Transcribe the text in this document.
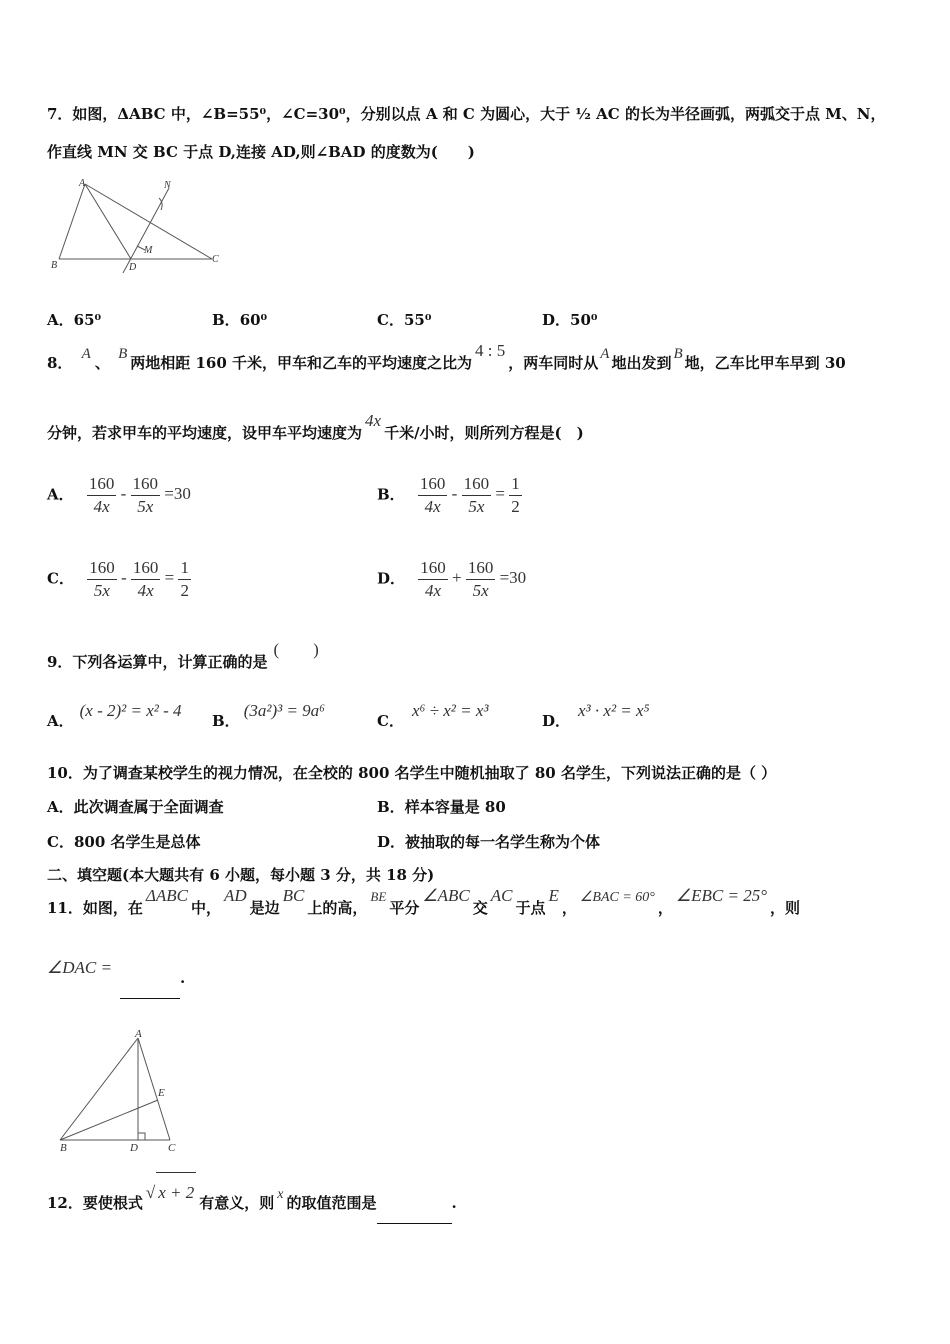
7．如图，ΔABC 中，∠B=55⁰，∠C=30⁰，分别以点 A 和 C 为圆心，大于 ½ AC 的长为半径画弧，两弧交于点 M、N，
作直线 MN 交 BC 于点 D,连接 AD,则∠BAD 的度数为(　　)
A
B	D
C
M
N
A．65⁰	B．60⁰	C．55⁰	D．50⁰
8． A 、 B 两地相距 160 千米，甲车和乙车的平均速度之比为4 : 5，两车同时从 A 地出发到 B 地，乙车比甲车早到 30
分钟，若求甲车的平均速度，设甲车平均速度为4x千米/小时，则所列方程是(　)
A． $\frac{160}{4x} - \frac{160}{5x} =30$	B． $\frac{160}{4x} - \frac{160}{5x} = \frac{1}{2}$
C． $\frac{160}{5x} - \frac{160}{4x} = \frac{1}{2}$	D． $\frac{160}{4x} + \frac{160}{5x} =30$
9．下列各运算中，计算正确的是(　　)
A．(x - 2)² = x² - 4
B．(3a²)³ = 9a⁶
C．x⁶ ÷ x² = x³
D．x³ · x² = x⁵
10．为了调查某校学生的视力情况，在全校的 800 名学生中随机抽取了 80 名学生，下列说法正确的是（ ）
A．此次调查属于全面调查	B．样本容量是 80
C．800 名学生是总体	D．被抽取的每一名学生称为个体
二、填空题(本大题共有 6 小题，每小题 3 分，共 18 分)
11．如图，在ΔABC中，AD是边BC上的高，BE平分∠ABC交AC于点E，∠BAC = 60°，∠EBC = 25°，则
∠DAC = .
A
E
B	D	C
12．要使根式√ x + 2有意义，则 x 的取值范围是	.
